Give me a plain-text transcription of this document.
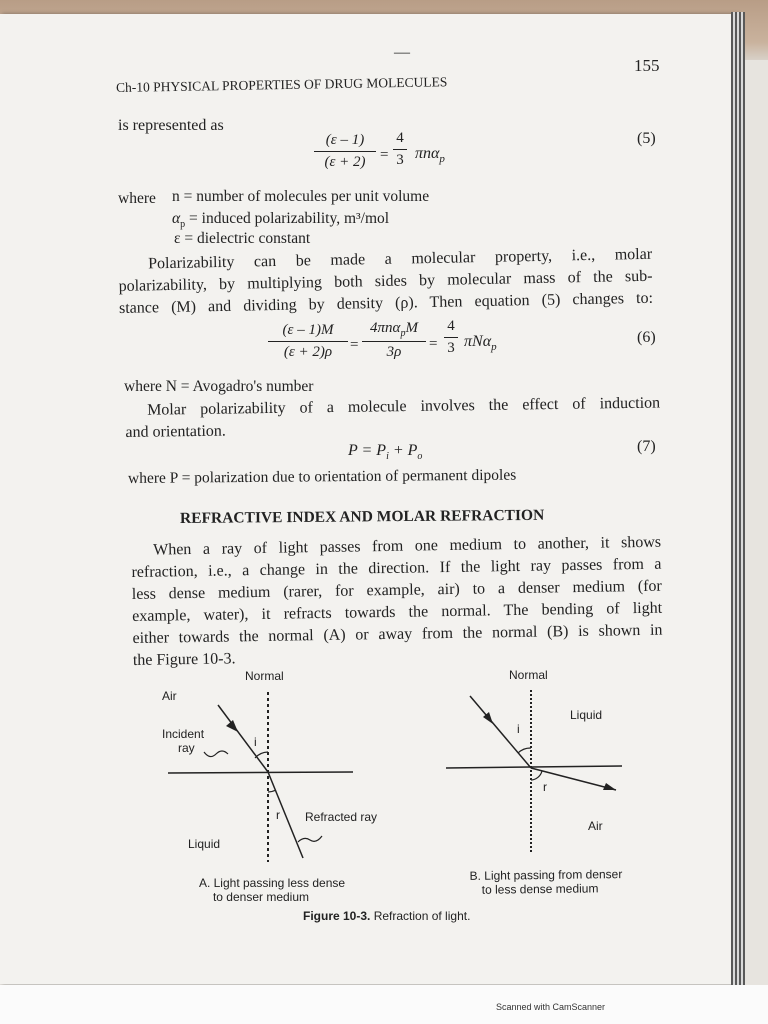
—
155
Ch-10 PHYSICAL PROPERTIES OF DRUG MOLECULES
is represented as
$\frac{(\varepsilon - 1)}{(\varepsilon + 2)} = \frac{4}{3} \pi n\alpha_p$
(5)
where n = number of molecules per unit volume
$\alpha_p$ = induced polarizability, m³/mol
ε = dielectric constant
Polarizability can be made a molecular property, i.e., molar
polarizability, by multiplying both sides by molecular mass of the sub-
stance (M) and dividing by density (ρ). Then equation (5) changes to:
$\frac{(\varepsilon - 1)M}{(\varepsilon + 2)\rho}$ =
4πnα$_p$M
3ρ	= $\frac{4}{3} \pi N\alpha_p$
(6)
where N = Avogadro's number
Molar polarizability of a molecule involves the effect of induction
and orientation.
$P = P_i + P_o$
(7)
where P = polarization due to orientation of permanent dipoles
REFRACTIVE INDEX AND MOLAR REFRACTION
When a ray of light passes from one medium to another, it shows
refraction, i.e., a change in the direction. If the light ray passes from a
less dense medium (rarer, for example, air) to a denser medium (for
example, water), it refracts towards the normal. The bending of light
either towards the normal (A) or away from the normal (B) is shown in
the Figure 10-3.
Normal
Air
Incident
ray	i
r Refracted ray
Liquid
A. Light passing less dense
to denser medium
Normal
Liquid
i
r
Air
B. Light passing from denser
to less dense medium
Figure 10-3. Refraction of light.
Scanned with CamScanner
